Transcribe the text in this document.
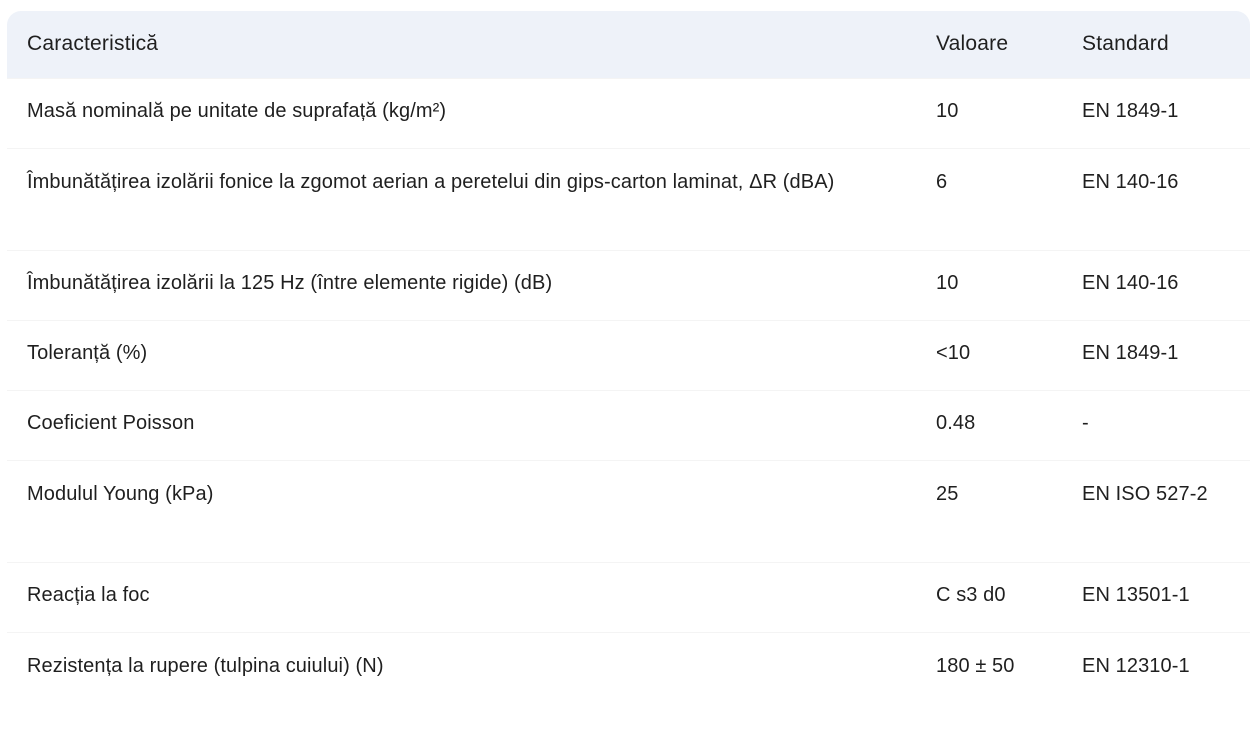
Caracteristică	Valoare	Standard
Masă nominală pe unitate de suprafață (kg/m²)	10	EN 1849-1
Îmbunătățirea izolării fonice la zgomot aerian a peretelui din gips-carton laminat, ΔR (dBA)	6	EN 140-16
Îmbunătățirea izolării la 125 Hz (între elemente rigide) (dB)	10	EN 140-16
Toleranță (%)	<10	EN 1849-1
Coeficient Poisson	0.48	-
Modulul Young (kPa)	25	EN ISO 527-2
Reacția la foc	C s3 d0	EN 13501-1
Rezistența la rupere (tulpina cuiului) (N)	180 ± 50	EN 12310-1
